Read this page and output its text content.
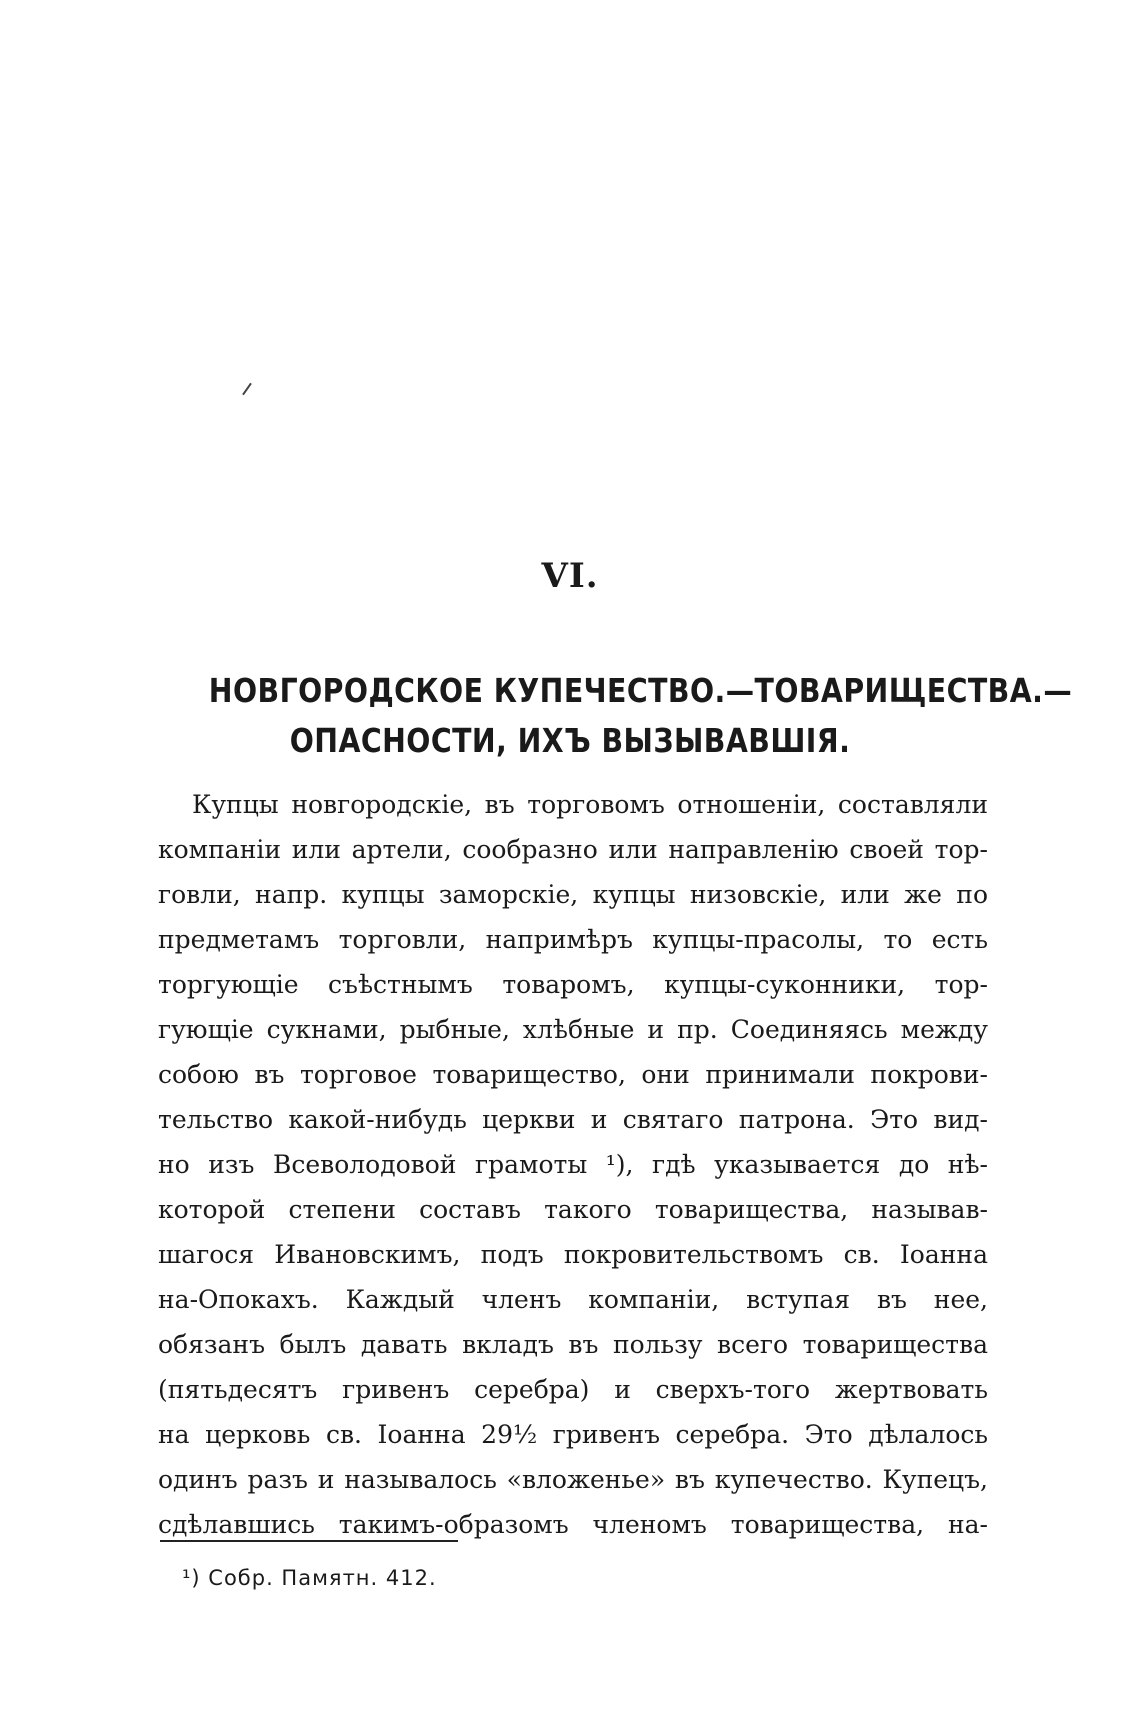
VI.
НОВГОРОДСКОЕ КУПЕЧЕСТВО.—ТОВАРИЩЕСТВА.—
ОПАСНОСТИ, ИХЪ ВЫЗЫВАВШІЯ.
Купцы новгородскіе, въ торговомъ отношеніи, составляли
компаніи или артели, сообразно или направленію своей тор-
говли, напр. купцы заморскіе, купцы низовскіе, или же по
предметамъ торговли, напримѣръ купцы-прасолы, то есть
торгующіе съѣстнымъ товаромъ, купцы-суконники, тор-
гующіе сукнами, рыбные, хлѣбные и пр. Соединяясь между
собою въ торговое товарищество, они принимали покрови-
тельство какой-нибудь церкви и святаго патрона. Это вид-
но изъ Всеволодовой грамоты ¹), гдѣ указывается до нѣ-
которой степени составъ такого товарищества, называв-
шагося Ивановскимъ, подъ покровительствомъ св. Іоанна
на-Опокахъ. Каждый членъ компаніи, вступая въ нее,
обязанъ былъ давать вкладъ въ пользу всего товарищества
(пятьдесятъ гривенъ серебра) и сверхъ-того жертвовать
на церковь св. Іоанна 29½ гривенъ серебра. Это дѣлалось
одинъ разъ и называлось «вложенье» въ купечество. Купецъ,
сдѣлавшись такимъ-образомъ членомъ товарищества, на-
¹) Собр. Памятн. 412.
